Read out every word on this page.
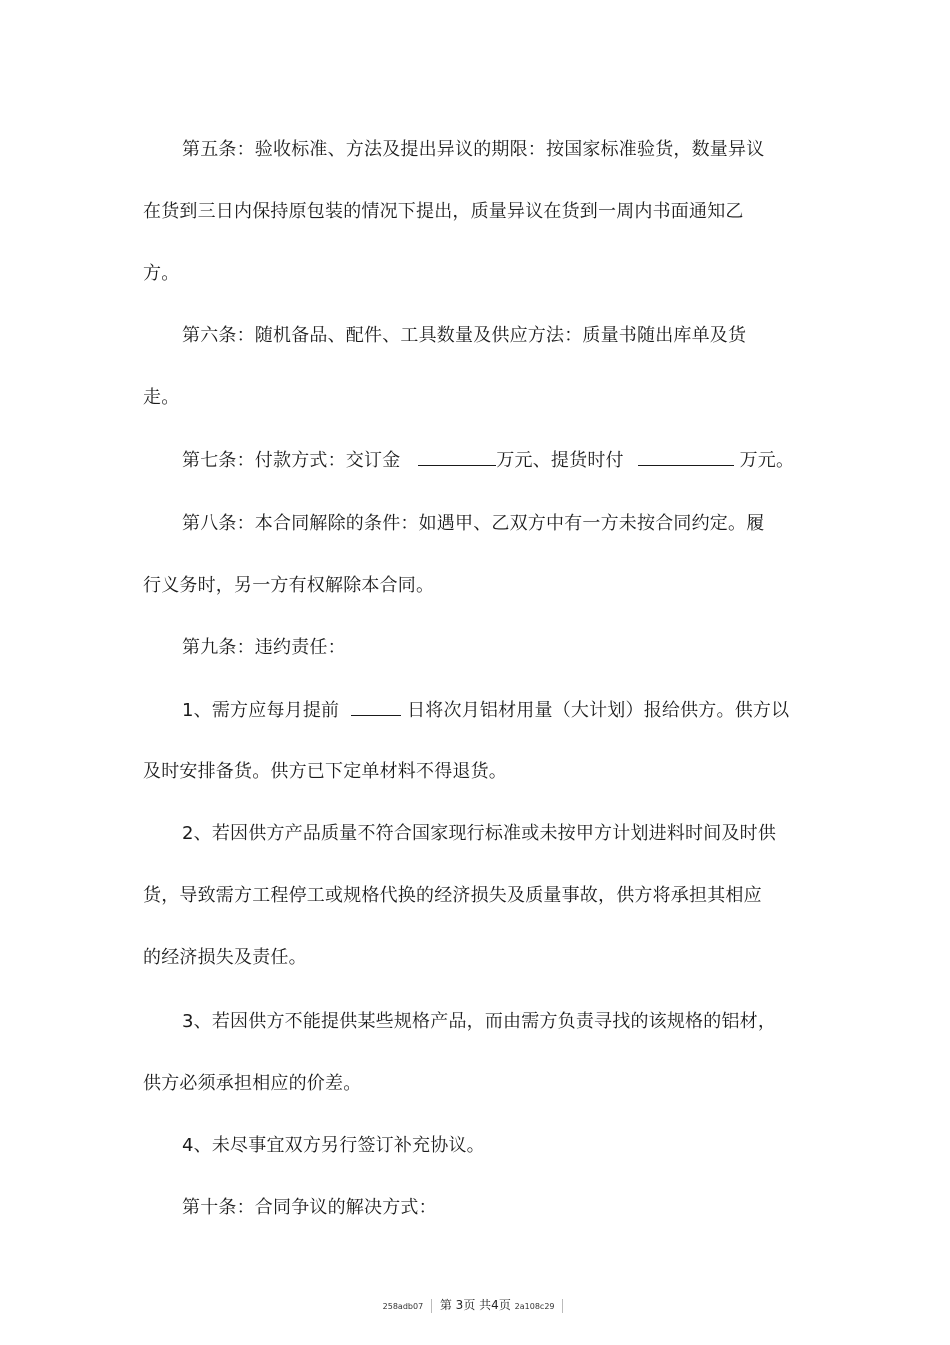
第五条：验收标准、方法及提出异议的期限：按国家标准验货，数量异议
在货到三日内保持原包装的情况下提出，质量异议在货到一周内书面通知乙
方。
第六条：随机备品、配件、工具数量及供应方法：质量书随出库单及货
走。
第七条：付款方式：交订金	万元、提货时付	万元。
第八条：本合同解除的条件：如遇甲、乙双方中有一方未按合同约定。履
行义务时，另一方有权解除本合同。
第九条：违约责任：
1、需方应每月提前	日将次月铝材用量（大计划）报给供方。供方以
及时安排备货。供方已下定单材料不得退货。
2、若因供方产品质量不符合国家现行标准或未按甲方计划进料时间及时供
货，导致需方工程停工或规格代换的经济损失及质量事故，供方将承担其相应
的经济损失及责任。
3、若因供方不能提供某些规格产品，而由需方负责寻找的该规格的铝材，
供方必须承担相应的价差。
4、未尽事宜双方另行签订补充协议。
第十条：合同争议的解决方式：
258adb07 第 3页 共4页 2a108c29
